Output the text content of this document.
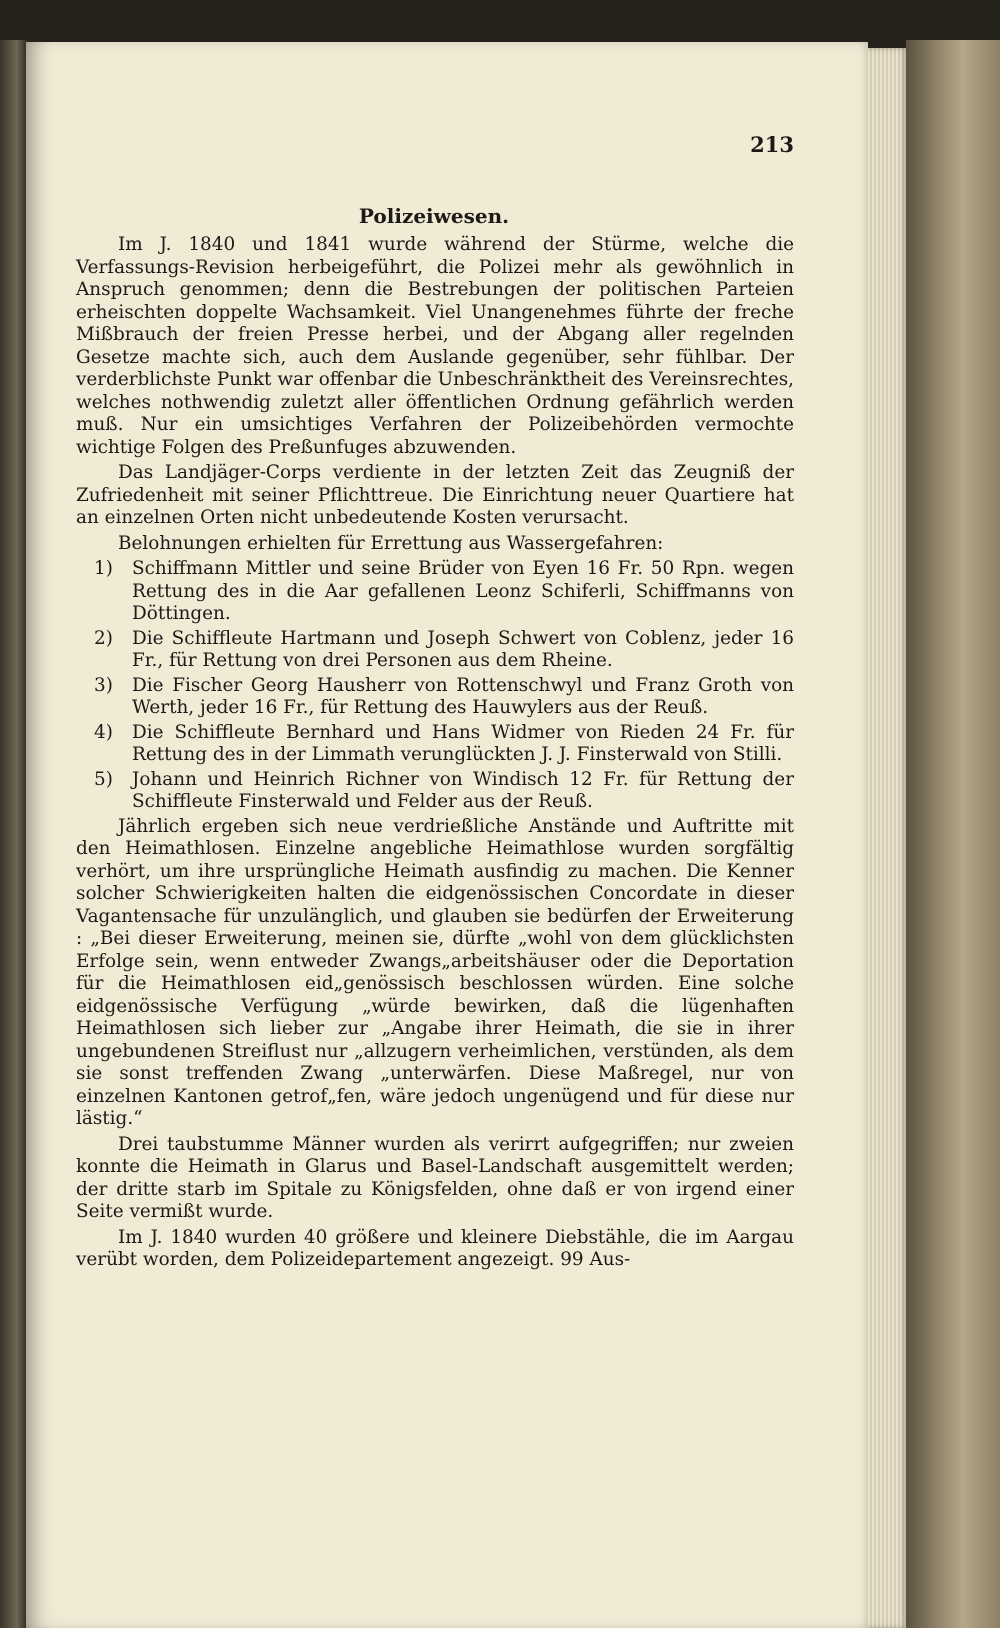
213
Polizeiwesen.

Im J. 1840 und 1841 wurde während der Stürme, welche die Verfassungs-Revision herbeigeführt, die Polizei mehr als gewöhnlich in Anspruch genommen; denn die Bestrebungen der politischen Parteien erheischten doppelte Wachsamkeit. Viel Unangenehmes führte der freche Mißbrauch der freien Presse herbei, und der Abgang aller regelnden Gesetze machte sich, auch dem Auslande gegenüber, sehr fühlbar. Der verderblichste Punkt war offenbar die Unbeschränktheit des Vereinsrechtes, welches nothwendig zuletzt aller öffentlichen Ordnung gefährlich werden muß. Nur ein umsichtiges Verfahren der Polizeibehörden vermochte wichtige Folgen des Preßunfuges abzuwenden.

Das Landjäger-Corps verdiente in der letzten Zeit das Zeugniß der Zufriedenheit mit seiner Pflichttreue. Die Einrichtung neuer Quartiere hat an einzelnen Orten nicht unbedeutende Kosten verursacht.

Belohnungen erhielten für Errettung aus Wassergefahren:

1) Schiffmann Mittler und seine Brüder von Eyen 16 Fr. 50 Rpn. wegen Rettung des in die Aar gefallenen Leonz Schiferli, Schiffmanns von Döttingen.
2) Die Schiffleute Hartmann und Joseph Schwert von Coblenz, jeder 16 Fr., für Rettung von drei Personen aus dem Rheine.
3) Die Fischer Georg Hausherr von Rottenschwyl und Franz Groth von Werth, jeder 16 Fr., für Rettung des Hauwylers aus der Reuß.
4) Die Schiffleute Bernhard und Hans Widmer von Rieden 24 Fr. für Rettung des in der Limmath verunglückten J. J. Finsterwald von Stilli.
5) Johann und Heinrich Richner von Windisch 12 Fr. für Rettung der Schiffleute Finsterwald und Felder aus der Reuß.

Jährlich ergeben sich neue verdrießliche Anstände und Auftritte mit den Heimathlosen. Einzelne angebliche Heimathlose wurden sorgfältig verhört, um ihre ursprüngliche Heimath ausfindig zu machen. Die Kenner solcher Schwierigkeiten halten die eidgenössischen Concordate in dieser Vagantensache für unzulänglich, und glauben sie bedürfen der Erweiterung : „Bei dieser Erweiterung, meinen sie, dürfte „wohl von dem glücklichsten Erfolge sein, wenn entweder Zwangs„arbeitshäuser oder die Deportation für die Heimathlosen eid„genössisch beschlossen würden. Eine solche eidgenössische Verfügung „würde bewirken, daß die lügenhaften Heimathlosen sich lieber zur „Angabe ihrer Heimath, die sie in ihrer ungebundenen Streiflust nur „allzugern verheimlichen, verstünden, als dem sie sonst treffenden Zwang „unterwärfen. Diese Maßregel, nur von einzelnen Kantonen getrof„fen, wäre jedoch ungenügend und für diese nur lästig.“

Drei taubstumme Männer wurden als verirrt aufgegriffen; nur zweien konnte die Heimath in Glarus und Basel-Landschaft ausgemittelt werden; der dritte starb im Spitale zu Königsfelden, ohne daß er von irgend einer Seite vermißt wurde.

Im J. 1840 wurden 40 größere und kleinere Diebstähle, die im Aargau verübt worden, dem Polizeidepartement angezeigt. 99 Aus-
